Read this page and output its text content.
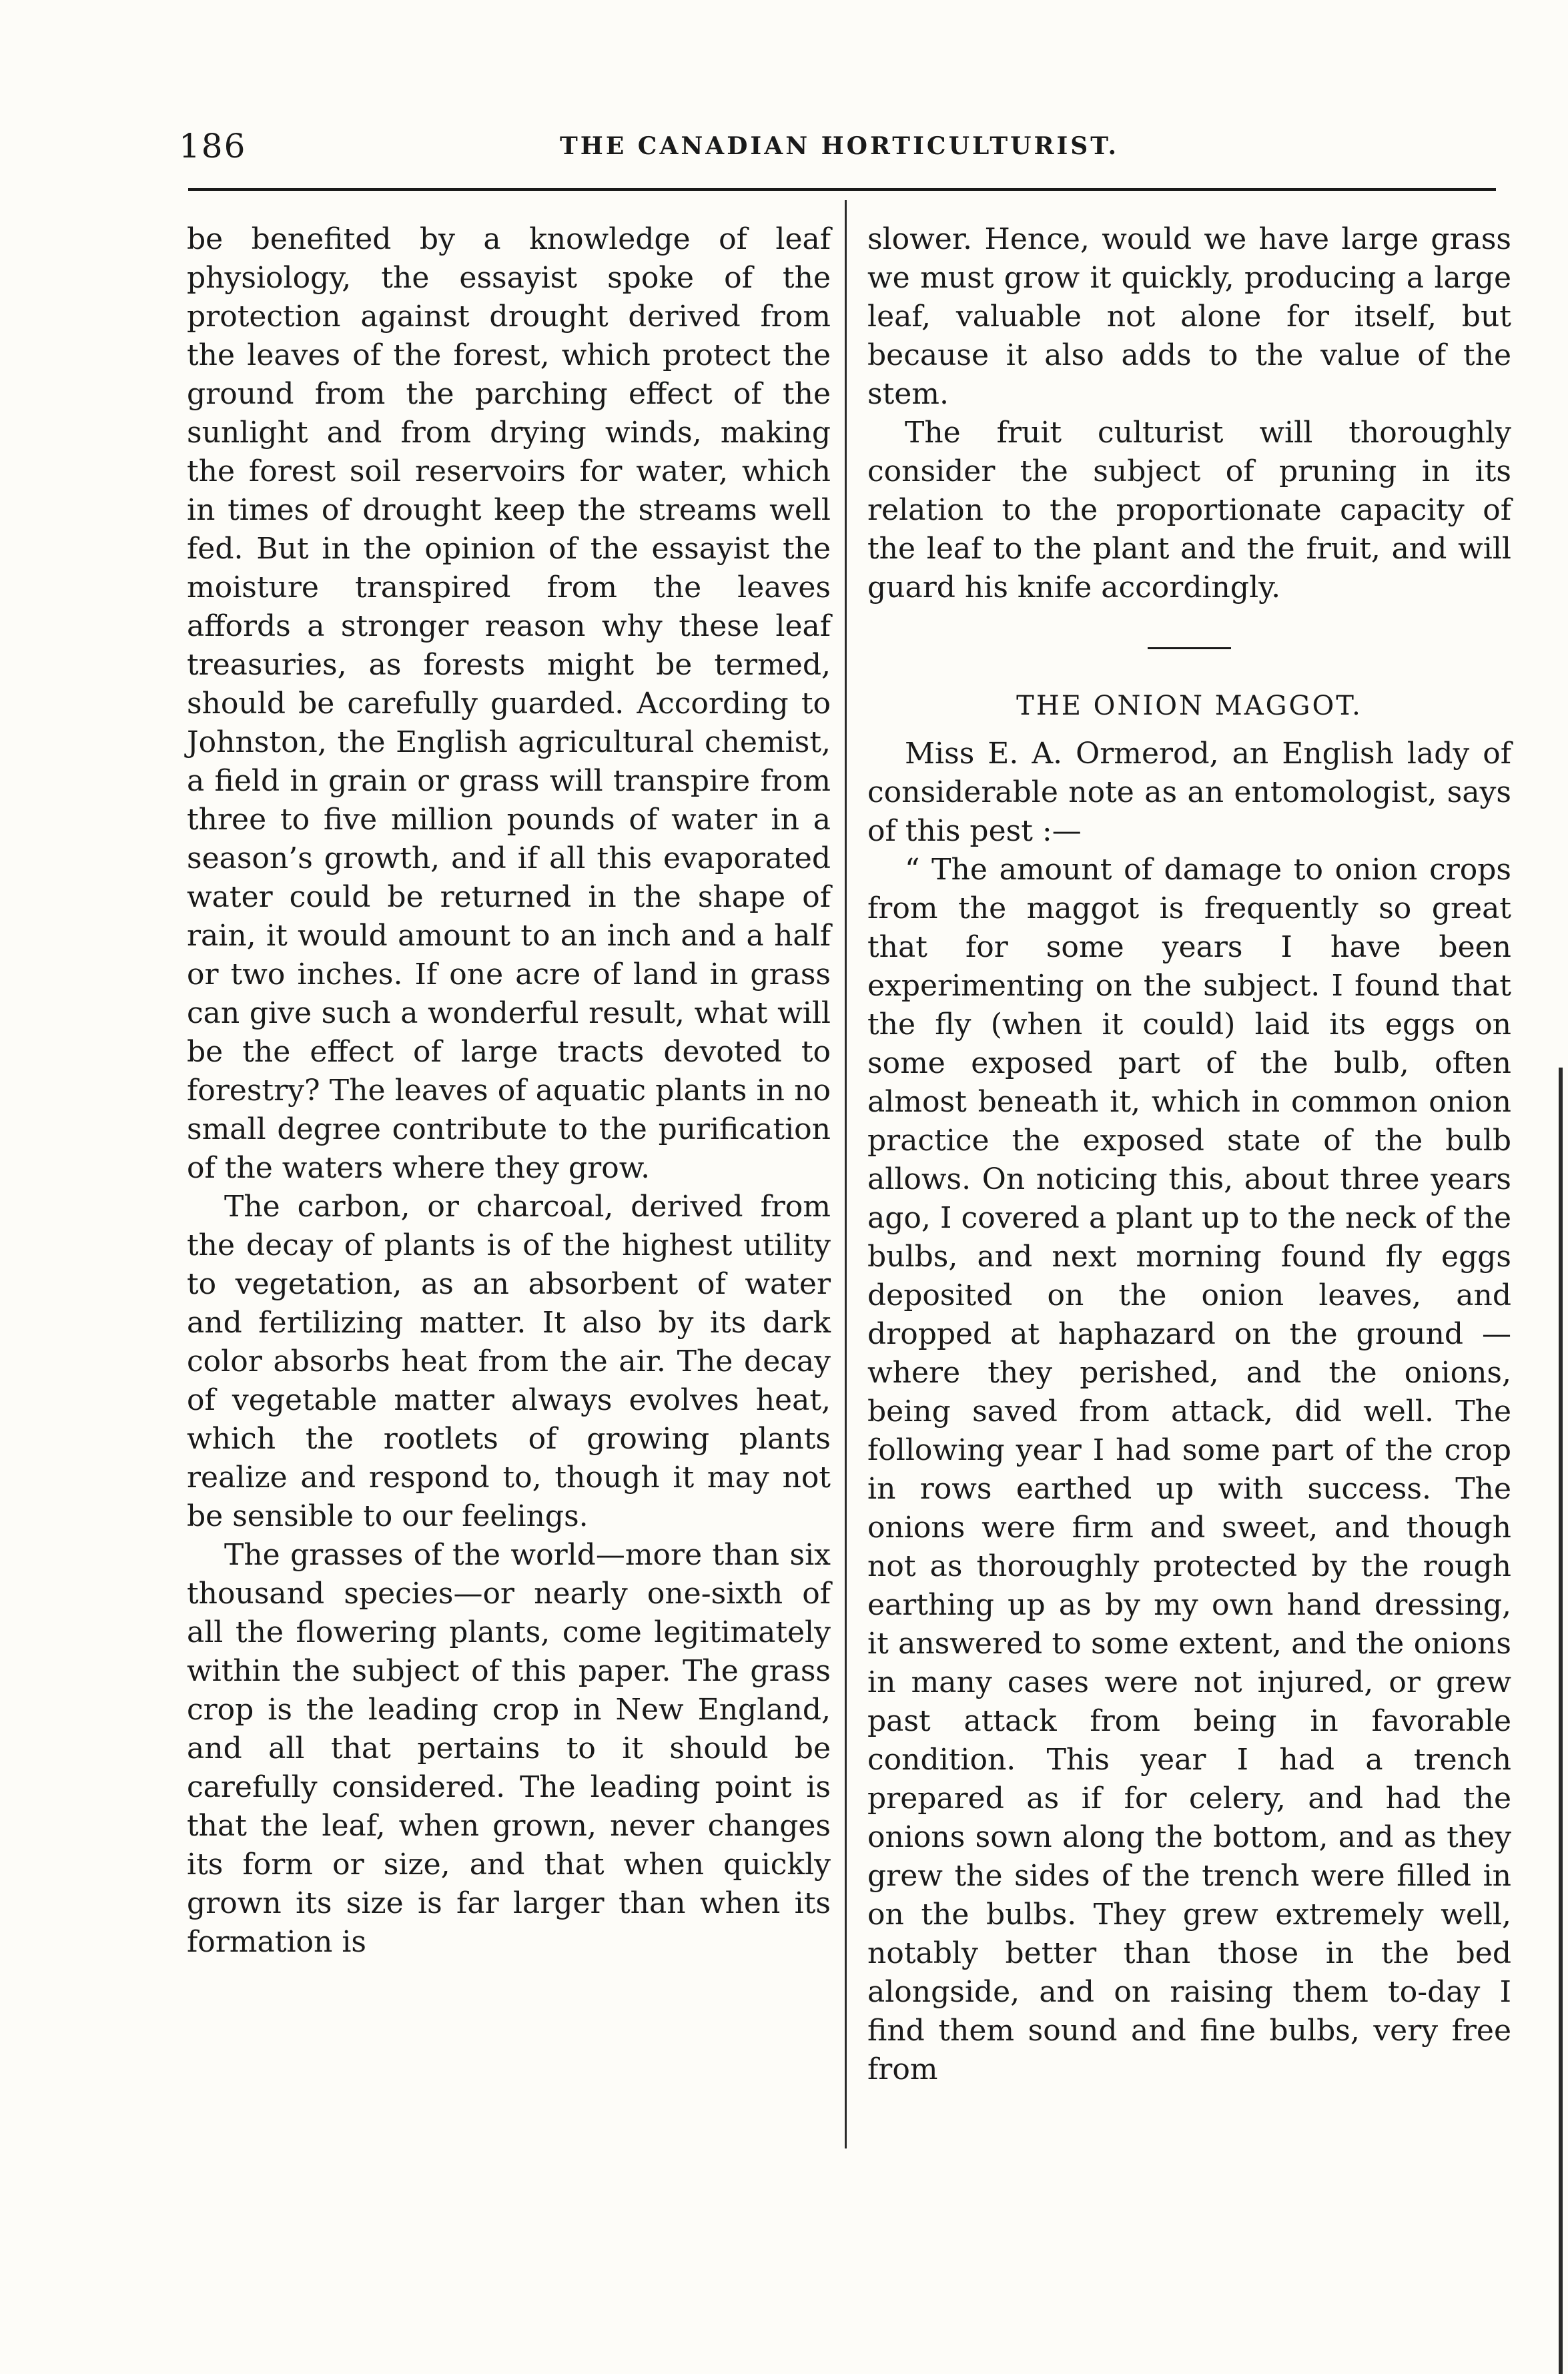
186	THE CANADIAN HORTICULTURIST.

be benefited by a knowledge of leaf physiology, the essayist spoke of the protection against drought derived from the leaves of the forest, which protect the ground from the parching effect of the sunlight and from drying winds, making the forest soil reservoirs for water, which in times of drought keep the streams well fed. But in the opinion of the essayist the moisture transpired from the leaves affords a stronger reason why these leaf treasuries, as forests might be termed, should be carefully guarded. According to Johnston, the English agricultural chemist, a field in grain or grass will transpire from three to five million pounds of water in a season’s growth, and if all this evaporated water could be returned in the shape of rain, it would amount to an inch and a half or two inches. If one acre of land in grass can give such a wonderful result, what will be the effect of large tracts devoted to forestry? The leaves of aquatic plants in no small degree contribute to the purification of the waters where they grow.

The carbon, or charcoal, derived from the decay of plants is of the highest utility to vegetation, as an absorbent of water and fertilizing matter. It also by its dark color absorbs heat from the air. The decay of vegetable matter always evolves heat, which the rootlets of growing plants realize and respond to, though it may not be sensible to our feelings.

The grasses of the world—more than six thousand species—or nearly one-sixth of all the flowering plants, come legitimately within the subject of this paper. The grass crop is the leading crop in New England, and all that pertains to it should be carefully considered. The leading point is that the leaf, when grown, never changes its form or size, and that when quickly grown its size is far larger than when its formation is

slower. Hence, would we have large grass we must grow it quickly, producing a large leaf, valuable not alone for itself, but because it also adds to the value of the stem.

The fruit culturist will thoroughly consider the subject of pruning in its relation to the proportionate capacity of the leaf to the plant and the fruit, and will guard his knife accordingly.

THE ONION MAGGOT.

Miss E. A. Ormerod, an English lady of considerable note as an entomologist, says of this pest :—

“ The amount of damage to onion crops from the maggot is frequently so great that for some years I have been experimenting on the subject. I found that the fly (when it could) laid its eggs on some exposed part of the bulb, often almost beneath it, which in common onion practice the exposed state of the bulb allows. On noticing this, about three years ago, I covered a plant up to the neck of the bulbs, and next morning found fly eggs deposited on the onion leaves, and dropped at haphazard on the ground — where they perished, and the onions, being saved from attack, did well. The following year I had some part of the crop in rows earthed up with success. The onions were firm and sweet, and though not as thoroughly protected by the rough earthing up as by my own hand dressing, it answered to some extent, and the onions in many cases were not injured, or grew past attack from being in favorable condition. This year I had a trench prepared as if for celery, and had the onions sown along the bottom, and as they grew the sides of the trench were filled in on the bulbs. They grew extremely well, notably better than those in the bed alongside, and on raising them to-day I find them sound and fine bulbs, very free from
